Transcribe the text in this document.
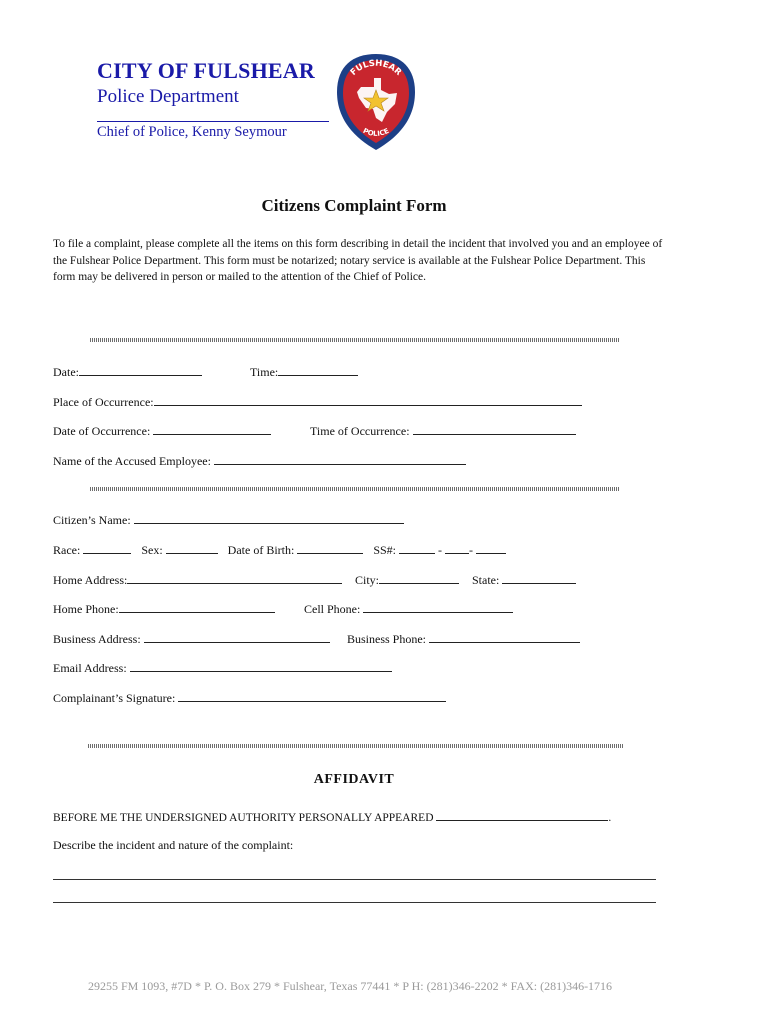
CITY OF FULSHEAR
Police Department
Chief of Police, Kenny Seymour
FULSHEAR
POLICE
Citizens Complaint Form
To file a complaint, please complete all the items on this form describing in detail the incident that involved you and an employee of the Fulshear Police Department. This form must be notarized; notary service is available at the Fulshear Police Department. This form may be delivered in person or mailed to the attention of the Chief of Police.
Date:	Time:
Place of Occurrence:
Date of Occurrence:	Time of Occurrence:
Name of the Accused Employee:
Citizen’s Name:
Race:	Sex:	Date of Birth:	SS#:	- -
Home Address:	City:	State:
Home Phone:	Cell Phone:
Business Address:	Business Phone:
Email Address:
Complainant’s Signature:
AFFIDAVIT
BEFORE ME THE UNDERSIGNED AUTHORITY PERSONALLY APPEARED	.
Describe the incident and nature of the complaint:
29255 FM 1093, #7D * P. O. Box 279 * Fulshear, Texas 77441 * P H: (281)346-2202 * FAX: (281)346-1716
